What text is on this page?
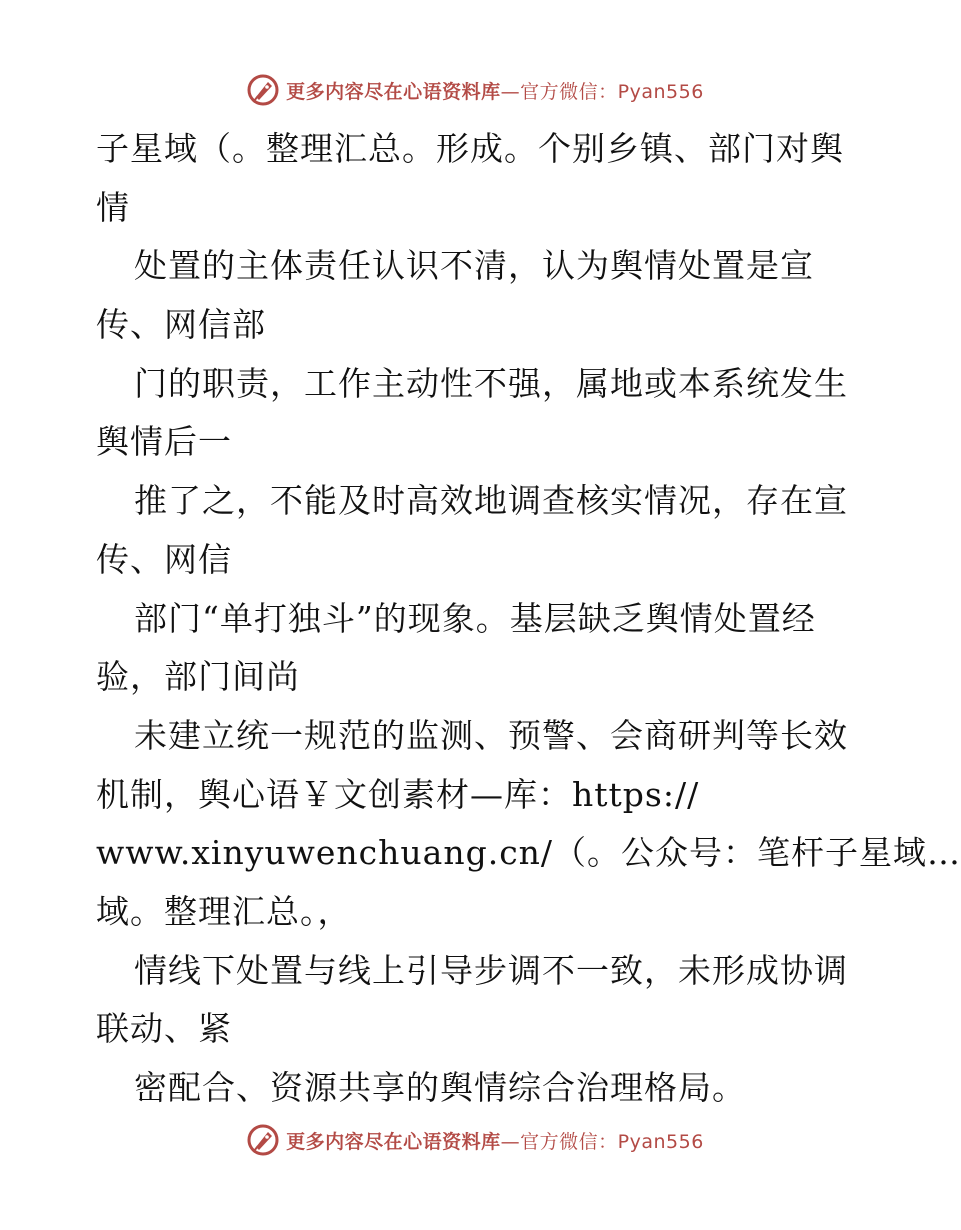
更多内容尽在心语资料库—官方微信：Pyan556
子星域（。整理汇总。形成。个别乡镇、部门对舆
情
处置的主体责任认识不清，认为舆情处置是宣
传、网信部
门的职责，工作主动性不强，属地或本系统发生
舆情后一
推了之，不能及时高效地调查核实情况，存在宣
传、网信
部门“单打独斗”的现象。基层缺乏舆情处置经
验，部门间尚
未建立统一规范的监测、预警、会商研判等长效
机制，舆心语￥文创素材—库：https://
www.xinyuwenchuang.cn/（。公众号：笔杆子星域…
域。整理汇总。，
情线下处置与线上引导步调不一致，未形成协调
联动、紧
密配合、资源共享的舆情综合治理格局。
更多内容尽在心语资料库—官方微信：Pyan556
